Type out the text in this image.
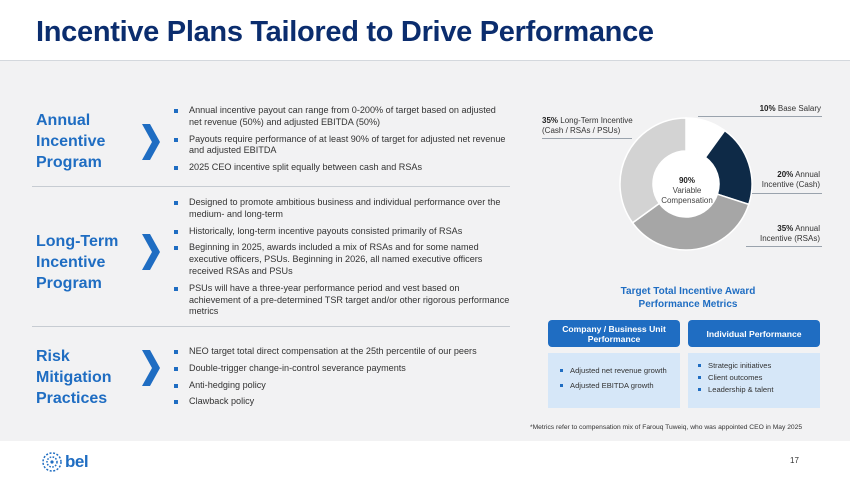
Incentive Plans Tailored to Drive Performance
Annual
Incentive
Program
Annual incentive payout can range from 0-200% of target based on adjusted net revenue (50%) and adjusted EBITDA (50%)
Payouts require performance of at least 90% of target for adjusted net revenue and adjusted EBITDA
2025 CEO incentive split equally between cash and RSAs
Long-Term
Incentive
Program
Designed to promote ambitious business and individual performance over the medium- and long-term
Historically, long-term incentive payouts consisted primarily of RSAs
Beginning in 2025, awards included a mix of RSAs and for some named executive officers, PSUs. Beginning in 2026, all named executive officers received RSAs and PSUs
PSUs will have a three-year performance period and vest based on achievement of a pre-determined TSR target and/or other rigorous performance metrics
Risk
Mitigation
Practices
NEO target total direct compensation at the 25th percentile of our peers
Double-trigger change-in-control severance payments
Anti-hedging policy
Clawback policy
90%
Variable
Compensation
10% Base Salary
20% Annual
Incentive (Cash)
35% Annual
Incentive (RSAs)
35% Long-Term Incentive
(Cash / RSAs / PSUs)
Target Total Incentive Award
Performance Metrics
Company / Business Unit
Performance
Adjusted net revenue growth
Adjusted EBITDA growth
Individual Performance
Strategic initiatives
Client outcomes
Leadership & talent
*Metrics refer to compensation mix of Farouq Tuweiq, who was appointed CEO in May 2025
bel	17
